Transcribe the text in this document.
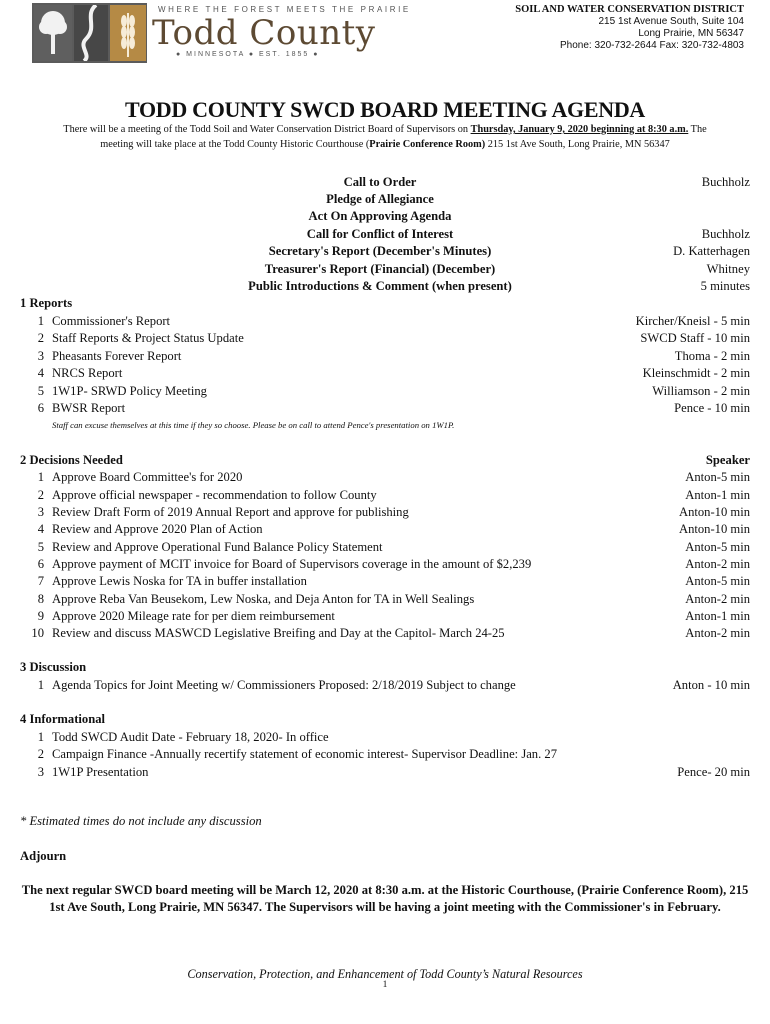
WHERE THE FOREST MEETS THE PRAIRIE
Todd County
● MINNESOTA ● EST. 1855 ●
SOIL AND WATER CONSERVATION DISTRICT
215 1st Avenue South, Suite 104
Long Prairie, MN 56347
Phone: 320-732-2644 Fax: 320-732-4803
TODD COUNTY SWCD BOARD MEETING AGENDA
There will be a meeting of the Todd Soil and Water Conservation District Board of Supervisors on Thursday, January 9, 2020 beginning at 8:30 a.m. The
meeting will take place at the Todd County Historic Courthouse (Prairie Conference Room) 215 1st Ave South, Long Prairie, MN 56347
Call to Order	Buchholz
Pledge of Allegiance
Act On Approving Agenda
Call for Conflict of Interest	Buchholz
Secretary's Report (December's Minutes)	D. Katterhagen
Treasurer's Report (Financial) (December)	Whitney
Public Introductions & Comment (when present)	5 minutes
1 Reports
1 Commissioner's Report	Kircher/Kneisl - 5 min
2 Staff Reports & Project Status Update	SWCD Staff - 10 min
3 Pheasants Forever Report	Thoma - 2 min
4 NRCS Report	Kleinschmidt - 2 min
5 1W1P- SRWD Policy Meeting	Williamson - 2 min
6 BWSR Report	Pence - 10 min
Staff can excuse themselves at this time if they so choose. Please be on call to attend Pence's presentation on 1W1P.
2 Decisions Needed	Speaker
1 Approve Board Committee's for 2020	Anton-5 min
2 Approve official newspaper - recommendation to follow County	Anton-1 min
3 Review Draft Form of 2019 Annual Report and approve for publishing	Anton-10 min
4 Review and Approve 2020 Plan of Action	Anton-10 min
5 Review and Approve Operational Fund Balance Policy Statement	Anton-5 min
6 Approve payment of MCIT invoice for Board of Supervisors coverage in the amount of $2,239	Anton-2 min
7 Approve Lewis Noska for TA in buffer installation	Anton-5 min
8 Approve Reba Van Beusekom, Lew Noska, and Deja Anton for TA in Well Sealings	Anton-2 min
9 Approve 2020 Mileage rate for per diem reimbursement	Anton-1 min
10 Review and discuss MASWCD Legislative Breifing and Day at the Capitol- March 24-25	Anton-2 min
3 Discussion
1 Agenda Topics for Joint Meeting w/ Commissioners Proposed: 2/18/2019 Subject to change	Anton - 10 min
4 Informational
1 Todd SWCD Audit Date - February 18, 2020- In office
2 Campaign Finance -Annually recertify statement of economic interest- Supervisor Deadline: Jan. 27
3 1W1P Presentation	Pence- 20 min
* Estimated times do not include any discussion
Adjourn
The next regular SWCD board meeting will be March 12, 2020 at 8:30 a.m. at the Historic Courthouse, (Prairie Conference Room), 215 1st Ave South, Long Prairie, MN 56347. The Supervisors will be having a joint meeting with the Commissioner's in February.
Conservation, Protection, and Enhancement of Todd County’s Natural Resources
1
